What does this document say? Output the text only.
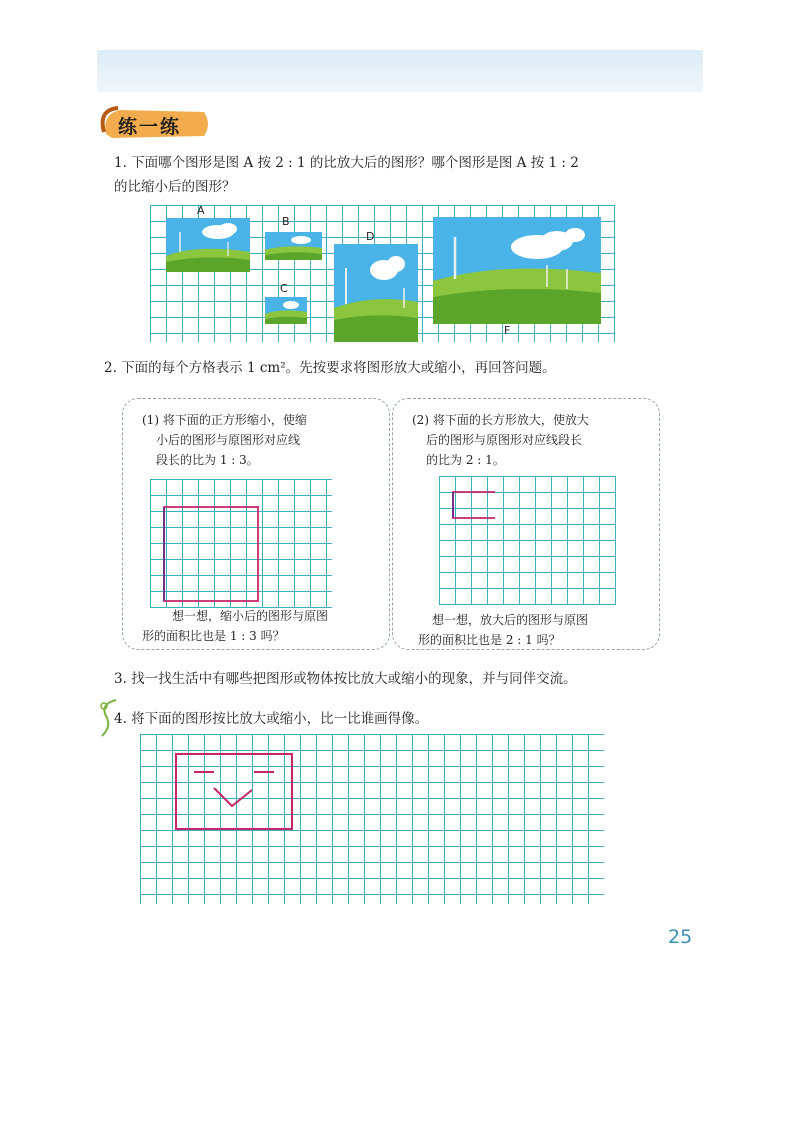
练一练
1. 下面哪个图形是图 A 按 2 : 1 的比放大后的图形？哪个图形是图 A 按 1 : 2
的比缩小后的图形？
A
B
C
D
F
2. 下面的每个方格表示 1 cm²。先按要求将图形放大或缩小，再回答问题。
(1) 将下面的正方形缩小，使缩
小后的图形与原图形对应线
段长的比为 1 : 3。
想一想，缩小后的图形与原图
形的面积比也是 1 : 3 吗？
(2) 将下面的长方形放大，使放大
后的图形与原图形对应线段长
的比为 2 : 1。
想一想，放大后的图形与原图
形的面积比也是 2 : 1 吗？
3. 找一找生活中有哪些把图形或物体按比放大或缩小的现象，并与同伴交流。
4. 将下面的图形按比放大或缩小，比一比谁画得像。
25
